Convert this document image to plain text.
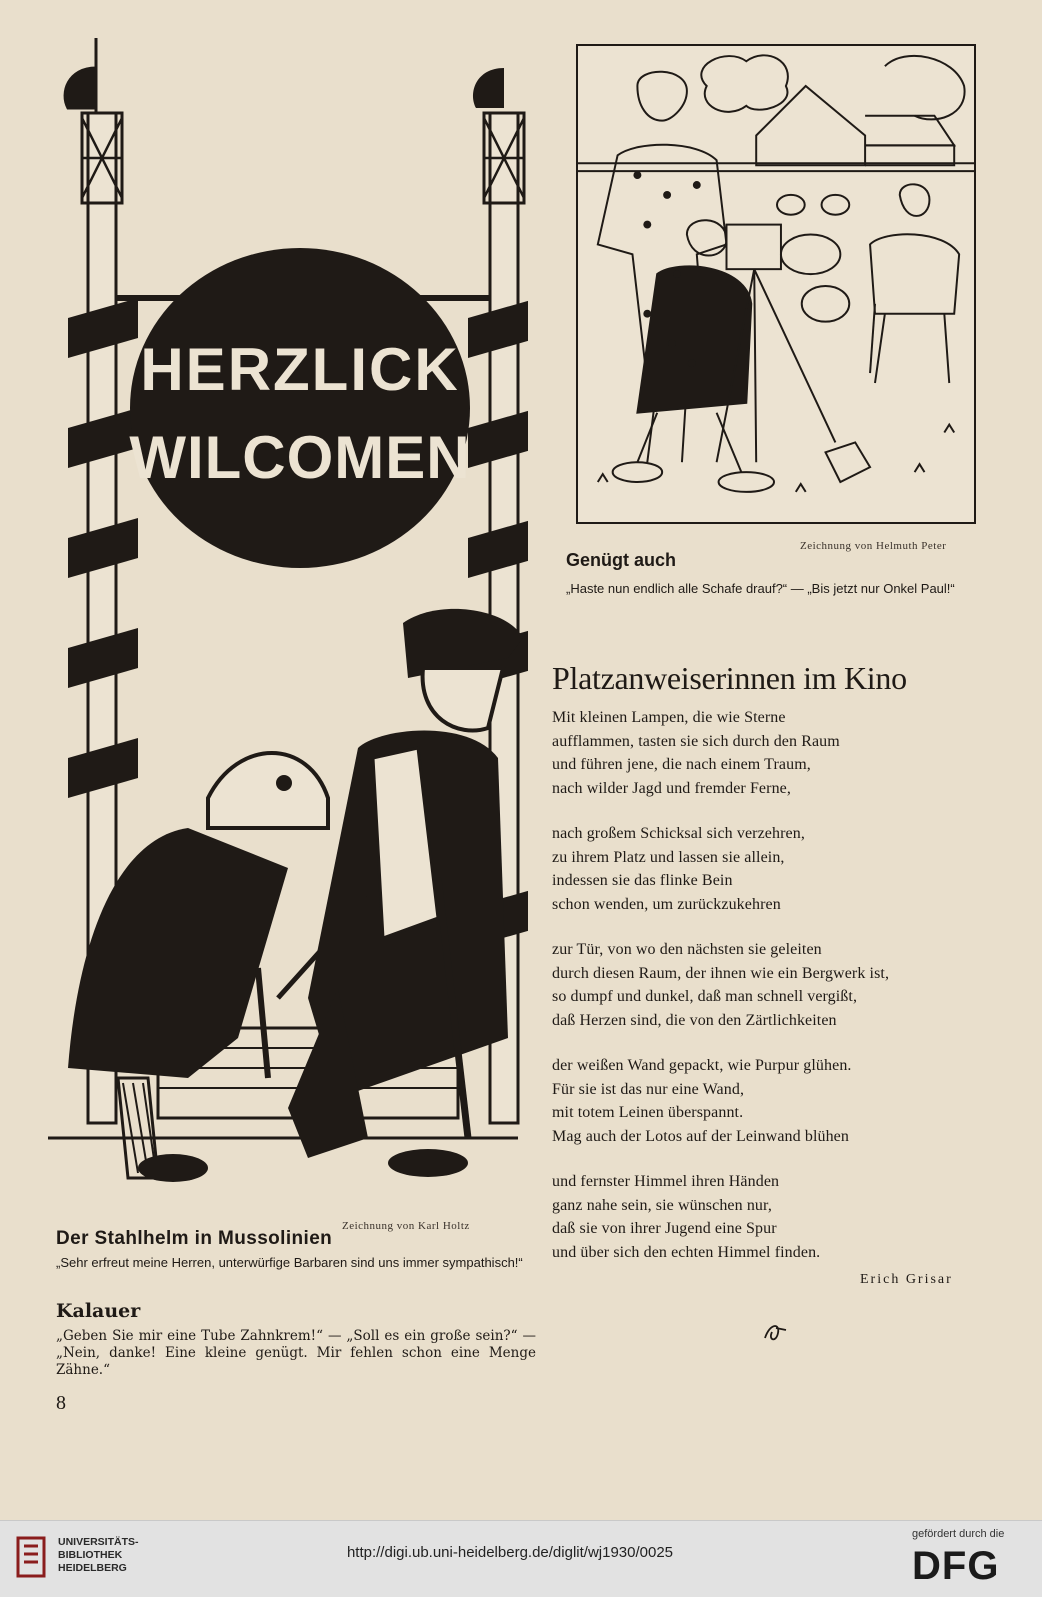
HERZLICK
WILCOMEN
Zeichnung von Karl Holtz
Der Stahlhelm in Mussolinien
„Sehr erfreut meine Herren, unterwürfige Barbaren sind uns immer sympathisch!“
Kalauer
„Geben Sie mir eine Tube Zahnkrem!“ — „Soll es ein große sein?“ — „Nein, danke! Eine kleine genügt. Mir fehlen schon eine Menge Zähne.“
8
Zeichnung von Helmuth Peter
Genügt auch
„Haste nun endlich alle Schafe drauf?“ — „Bis jetzt nur Onkel Paul!“
Platzanweiserinnen im Kino
Mit kleinen Lampen, die wie Sterne
aufflammen, tasten sie sich durch den Raum
und führen jene, die nach einem Traum,
nach wilder Jagd und fremder Ferne,
nach großem Schicksal sich verzehren,
zu ihrem Platz und lassen sie allein,
indessen sie das flinke Bein
schon wenden, um zurückzukehren
zur Tür, von wo den nächsten sie geleiten
durch diesen Raum, der ihnen wie ein Bergwerk ist,
so dumpf und dunkel, daß man schnell vergißt,
daß Herzen sind, die von den Zärtlichkeiten
der weißen Wand gepackt, wie Purpur glühen.
Für sie ist das nur eine Wand,
mit totem Leinen überspannt.
Mag auch der Lotos auf der Leinwand blühen
und fernster Himmel ihren Händen
ganz nahe sein, sie wünschen nur,
daß sie von ihrer Jugend eine Spur
und über sich den echten Himmel finden.
Erich Grisar
UNIVERSITÄTS-
BIBLIOTHEK
HEIDELBERG
http://digi.ub.uni-heidelberg.de/diglit/wj1930/0025
gefördert durch die
DFG
